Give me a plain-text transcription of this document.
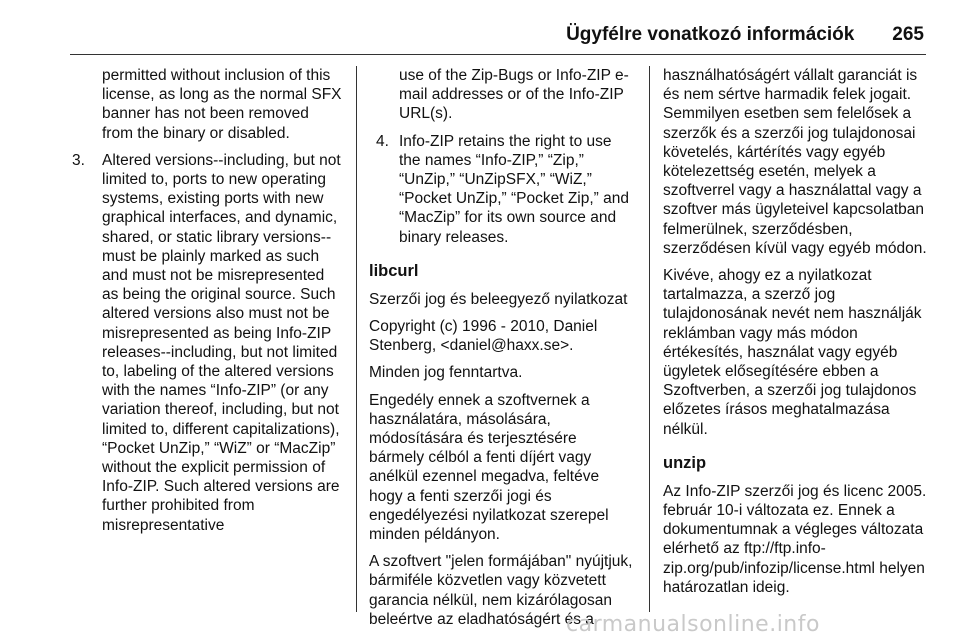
Ügyfélre vonatkozó információk 265

permitted without inclusion of this license, as long as the normal SFX banner has not been removed from the binary or disabled.

3. Altered versions--including, but not limited to, ports to new operating systems, existing ports with new graphical interfaces, and dynamic, shared, or static library versions--must be plainly marked as such and must not be misrepresented as being the original source. Such altered versions also must not be misrepresented as being Info-ZIP releases--including, but not limited to, labeling of the altered versions with the names “Info-ZIP” (or any variation thereof, including, but not limited to, different capitalizations), “Pocket UnZip,” “WiZ” or “MacZip” without the explicit permission of Info-ZIP. Such altered versions are further prohibited from misrepresentative

use of the Zip-Bugs or Info-ZIP e-mail addresses or of the Info-ZIP URL(s).

4. Info-ZIP retains the right to use the names “Info-ZIP,” “Zip,” “UnZip,” “UnZipSFX,” “WiZ,” “Pocket UnZip,” “Pocket Zip,” and “MacZip” for its own source and binary releases.
libcurl

Szerzői jog és beleegyező nyilatkozat

Copyright (c) 1996 - 2010, Daniel Stenberg, <daniel@haxx.se>.

Minden jog fenntartva.

Engedély ennek a szoftvernek a használatára, másolására, módosítására és terjesztésére bármely célból a fenti díjért vagy anélkül ezennel megadva, feltéve hogy a fenti szerzői jogi és engedélyezési nyilatkozat szerepel minden példányon.

A szoftvert "jelen formájában" nyújtjuk, bármiféle közvetlen vagy közvetett garancia nélkül, nem kizárólagosan beleértve az eladhatóságért és a

használhatóságért vállalt garanciát is és nem sértve harmadik felek jogait. Semmilyen esetben sem felelősek a szerzők és a szerzői jog tulajdonosai követelés, kártérítés vagy egyéb kötelezettség esetén, melyek a szoftverrel vagy a használattal vagy a szoftver más ügyleteivel kapcsolatban felmerülnek, szerződésben, szerződésen kívül vagy egyéb módon.

Kivéve, ahogy ez a nyilatkozat tartalmazza, a szerző jog tulajdonosának nevét nem használják reklámban vagy más módon értékesítés, használat vagy egyéb ügyletek elősegítésére ebben a Szoftverben, a szerzői jog tulajdonos előzetes írásos meghatalmazása nélkül.

unzip

Az Info-ZIP szerzői jog és licenc 2005. február 10-i változata ez. Ennek a dokumentumnak a végleges változata elérhető az ftp://ftp.info-zip.org/pub/infozip/license.html helyen határozatlan ideig.

carmanualsonline.info
